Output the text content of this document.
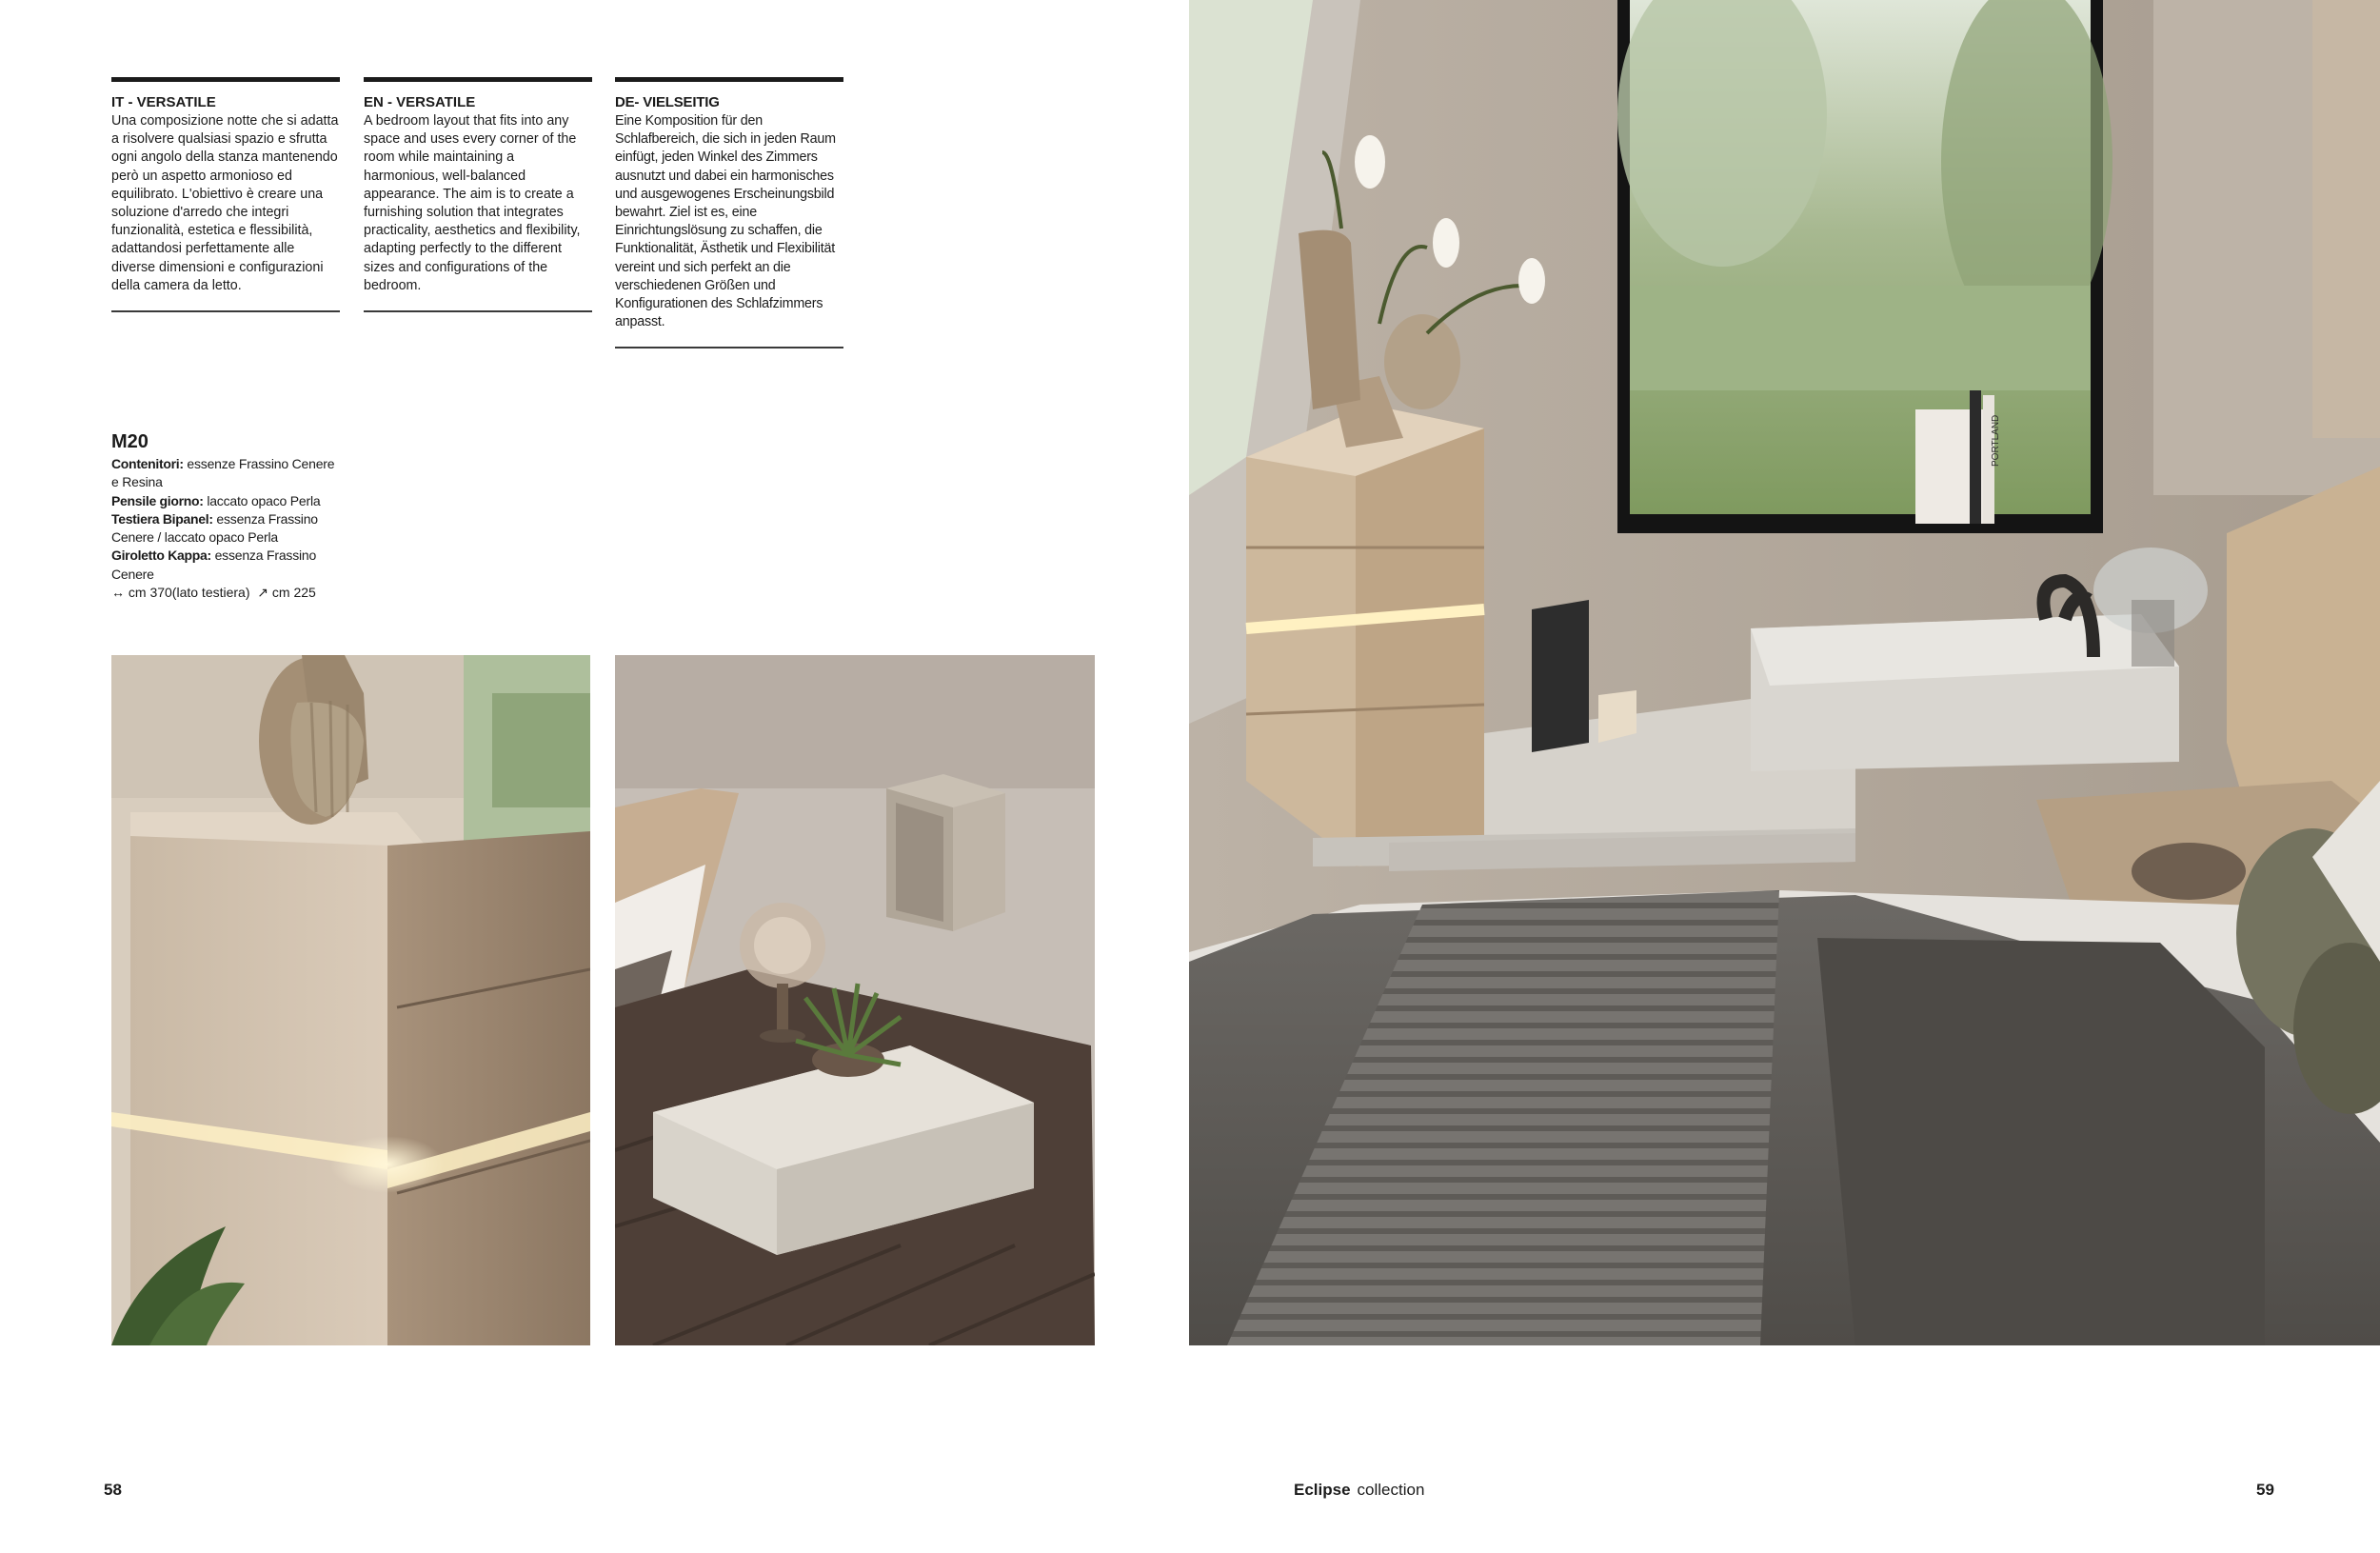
IT - VERSATILE

Una composizione notte che si adatta a risolvere qualsiasi spazio e sfrutta ogni angolo della stanza mantenendo però un aspetto armonioso ed equilibrato. L'obiettivo è creare una soluzione d'arredo che integri funzionalità, estetica e flessibilità, adattandosi perfettamente alle diverse dimensioni e configurazioni della camera da letto.

EN - VERSATILE

A bedroom layout that fits into any space and uses every corner of the room while maintaining a harmonious, well-balanced appearance. The aim is to create a furnishing solution that integrates practicality, aesthetics and flexibility, adapting perfectly to the different sizes and configurations of the bedroom.

DE- VIELSEITIG

Eine Komposition für den Schlafbereich, die sich in jeden Raum einfügt, jeden Winkel des Zimmers ausnutzt und dabei ein harmonisches und ausgewogenes Erscheinungsbild bewahrt. Ziel ist es, eine Einrichtungslösung zu schaffen, die Funktionalität, Ästhetik und Flexibilität vereint und sich perfekt an die verschiedenen Größen und Konfigurationen des Schlafzimmers anpasst.

M20
Contenitori: essenze Frassino Cenere e Resina
Pensile giorno: laccato opaco Perla
Testiera Bipanel: essenza Frassino Cenere / laccato opaco Perla
Giroletto Kappa: essenza Frassino Cenere
↔ cm 370(lato testiera) ↗ cm 225
PORTLAND
58	Eclipse collection	59
